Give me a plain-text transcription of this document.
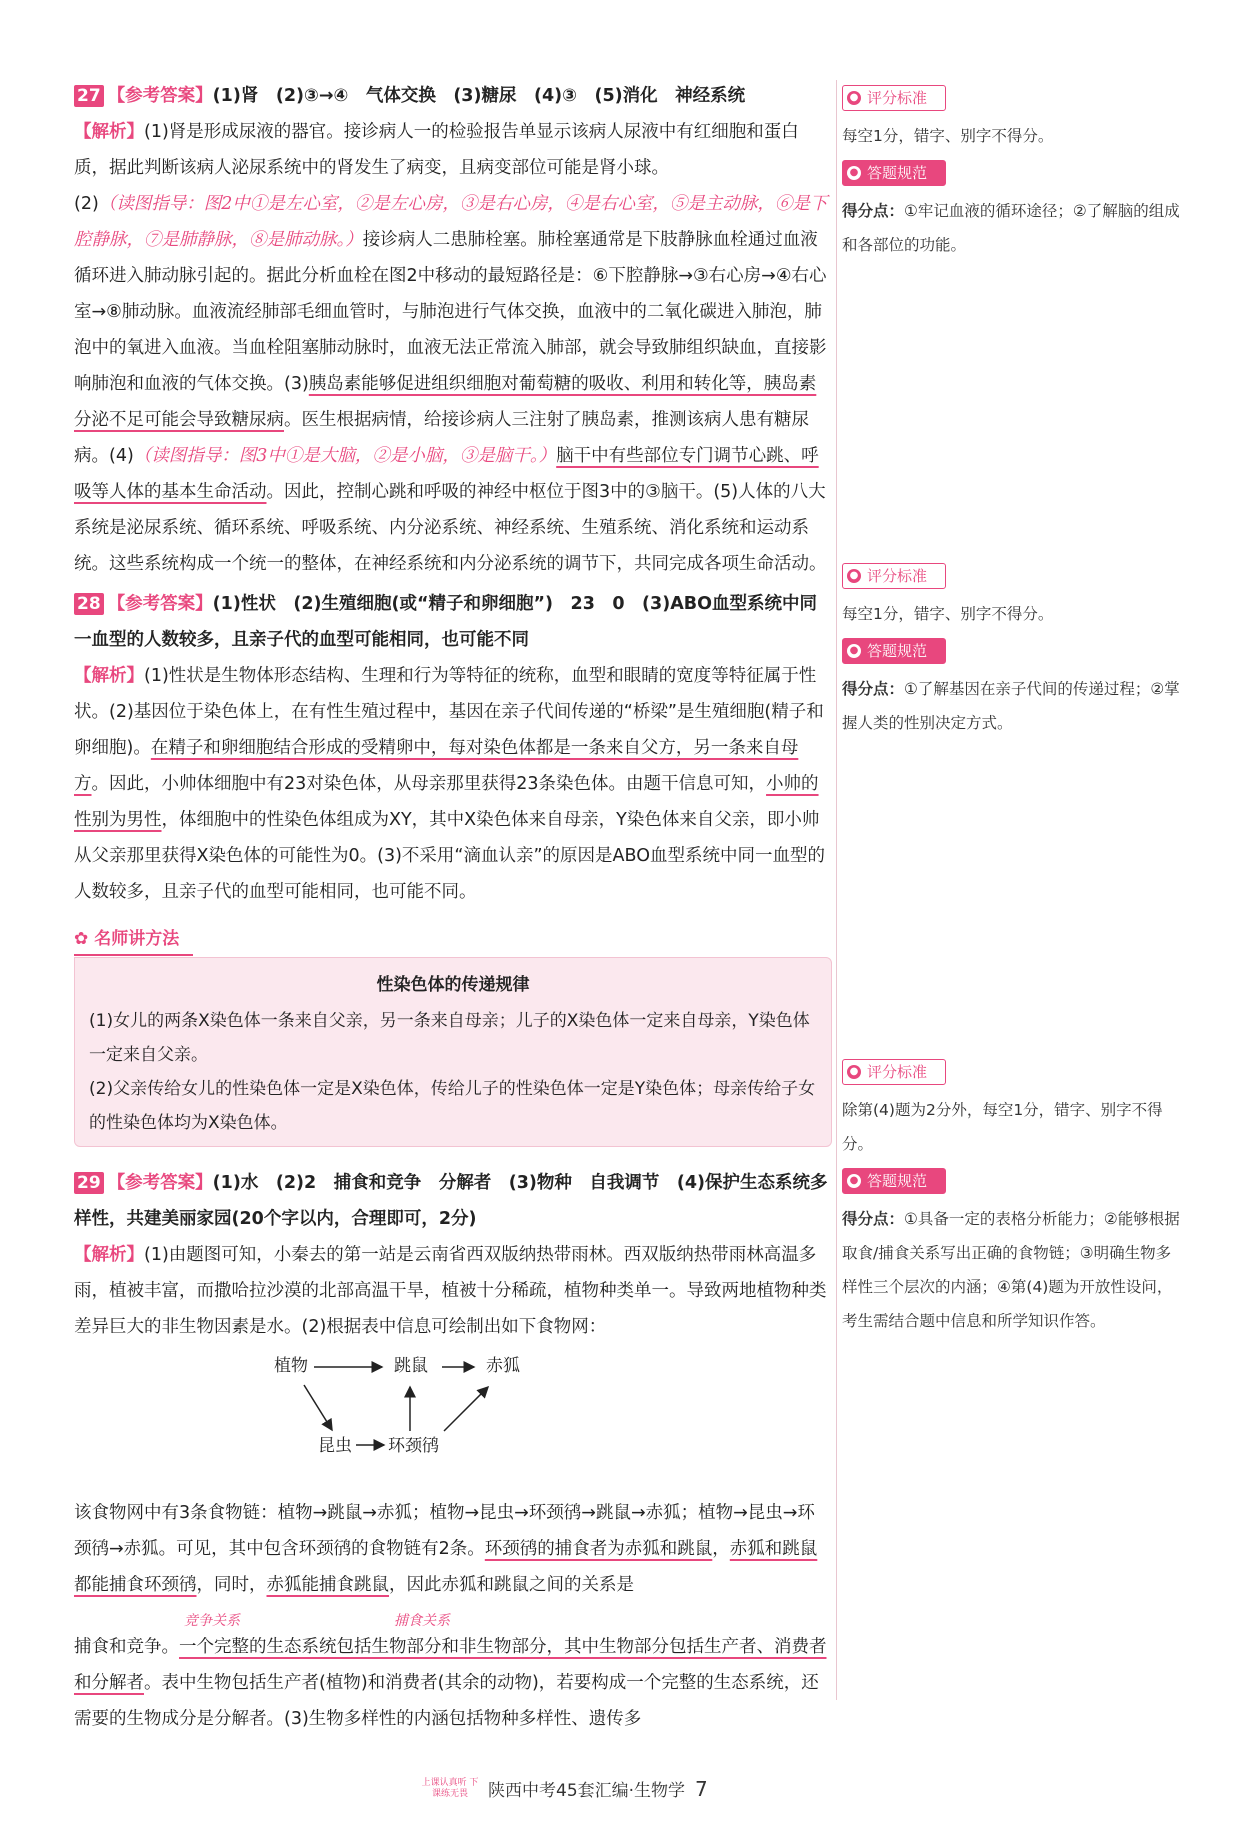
27 【参考答案】(1)肾　(2)③→④　气体交换　(3)糖尿　(4)③　(5)消化　神经系统

【解析】(1)肾是形成尿液的器官。接诊病人一的检验报告单显示该病人尿液中有红细胞和蛋白质，据此判断该病人泌尿系统中的肾发生了病变，且病变部位可能是肾小球。

(2)（读图指导：图2中①是左心室，②是左心房，③是右心房，④是右心室，⑤是主动脉，⑥是下腔静脉，⑦是肺静脉，⑧是肺动脉。）接诊病人二患肺栓塞。肺栓塞通常是下肢静脉血栓通过血液循环进入肺动脉引起的。据此分析血栓在图2中移动的最短路径是：⑥下腔静脉→③右心房→④右心室→⑧肺动脉。血液流经肺部毛细血管时，与肺泡进行气体交换，血液中的二氧化碳进入肺泡，肺泡中的氧进入血液。当血栓阻塞肺动脉时，血液无法正常流入肺部，就会导致肺组织缺血，直接影响肺泡和血液的气体交换。(3)胰岛素能够促进组织细胞对葡萄糖的吸收、利用和转化等，胰岛素分泌不足可能会导致糖尿病。医生根据病情，给接诊病人三注射了胰岛素，推测该病人患有糖尿病。(4)（读图指导：图3中①是大脑，②是小脑，③是脑干。）脑干中有些部位专门调节心跳、呼吸等人体的基本生命活动。因此，控制心跳和呼吸的神经中枢位于图3中的③脑干。(5)人体的八大系统是泌尿系统、循环系统、呼吸系统、内分泌系统、神经系统、生殖系统、消化系统和运动系统。这些系统构成一个统一的整体，在神经系统和内分泌系统的调节下，共同完成各项生命活动。

28 【参考答案】(1)性状　(2)生殖细胞(或“精子和卵细胞”)　23　0　(3)ABO血型系统中同一血型的人数较多，且亲子代的血型可能相同，也可能不同

【解析】(1)性状是生物体形态结构、生理和行为等特征的统称，血型和眼睛的宽度等特征属于性状。(2)基因位于染色体上，在有性生殖过程中，基因在亲子代间传递的“桥梁”是生殖细胞(精子和卵细胞)。在精子和卵细胞结合形成的受精卵中，每对染色体都是一条来自父方，另一条来自母方。因此，小帅体细胞中有23对染色体，从母亲那里获得23条染色体。由题干信息可知，小帅的性别为男性，体细胞中的性染色体组成为XY，其中X染色体来自母亲，Y染色体来自父亲，即小帅从父亲那里获得X染色体的可能性为0。(3)不采用“滴血认亲”的原因是ABO血型系统中同一血型的人数较多，且亲子代的血型可能相同，也可能不同。

✿ 名师讲方法
性染色体的传递规律

(1)女儿的两条X染色体一条来自父亲，另一条来自母亲；儿子的X染色体一定来自母亲，Y染色体一定来自父亲。

(2)父亲传给女儿的性染色体一定是X染色体，传给儿子的性染色体一定是Y染色体；母亲传给子女的性染色体均为X染色体。

29 【参考答案】(1)水　(2)2　捕食和竞争　分解者　(3)物种　自我调节　(4)保护生态系统多样性，共建美丽家园(20个字以内，合理即可，2分)

【解析】(1)由题图可知，小秦去的第一站是云南省西双版纳热带雨林。西双版纳热带雨林高温多雨，植被丰富，而撒哈拉沙漠的北部高温干旱，植被十分稀疏，植物种类单一。导致两地植物种类差异巨大的非生物因素是水。(2)根据表中信息可绘制出如下食物网：

植物	跳鼠	赤狐
昆虫 环颈鸻

该食物网中有3条食物链：植物→跳鼠→赤狐；植物→昆虫→环颈鸻→跳鼠→赤狐；植物→昆虫→环颈鸻→赤狐。可见，其中包含环颈鸻的食物链有2条。环颈鸻的捕食者为赤狐和跳鼠，赤狐和跳鼠都能捕食环颈鸻，同时，赤狐能捕食跳鼠，因此赤狐和跳鼠之间的关系是

竞争关系	捕食关系

捕食和竞争。一个完整的生态系统包括生物部分和非生物部分，其中生物部分包括生产者、消费者和分解者。表中生物包括生产者(植物)和消费者(其余的动物)，若要构成一个完整的生态系统，还需要的生物成分是分解者。(3)生物多样性的内涵包括物种多样性、遗传多

● 评分标准

每空1分，错字、别字不得分。

● 答题规范

得分点：①牢记血液的循环途径；②了解脑的组成和各部位的功能。

● 评分标准

每空1分，错字、别字不得分。

● 答题规范

得分点：①了解基因在亲子代间的传递过程；②掌握人类的性别决定方式。

● 评分标准

除第(4)题为2分外，每空1分，错字、别字不得分。

● 答题规范

得分点：①具备一定的表格分析能力；②能够根据取食/捕食关系写出正确的食物链；③明确生物多样性三个层次的内涵；④第(4)题为开放性设问，考生需结合题中信息和所学知识作答。

上课认真听 下课练无畏	陕西中考45套汇编·生物学 7
